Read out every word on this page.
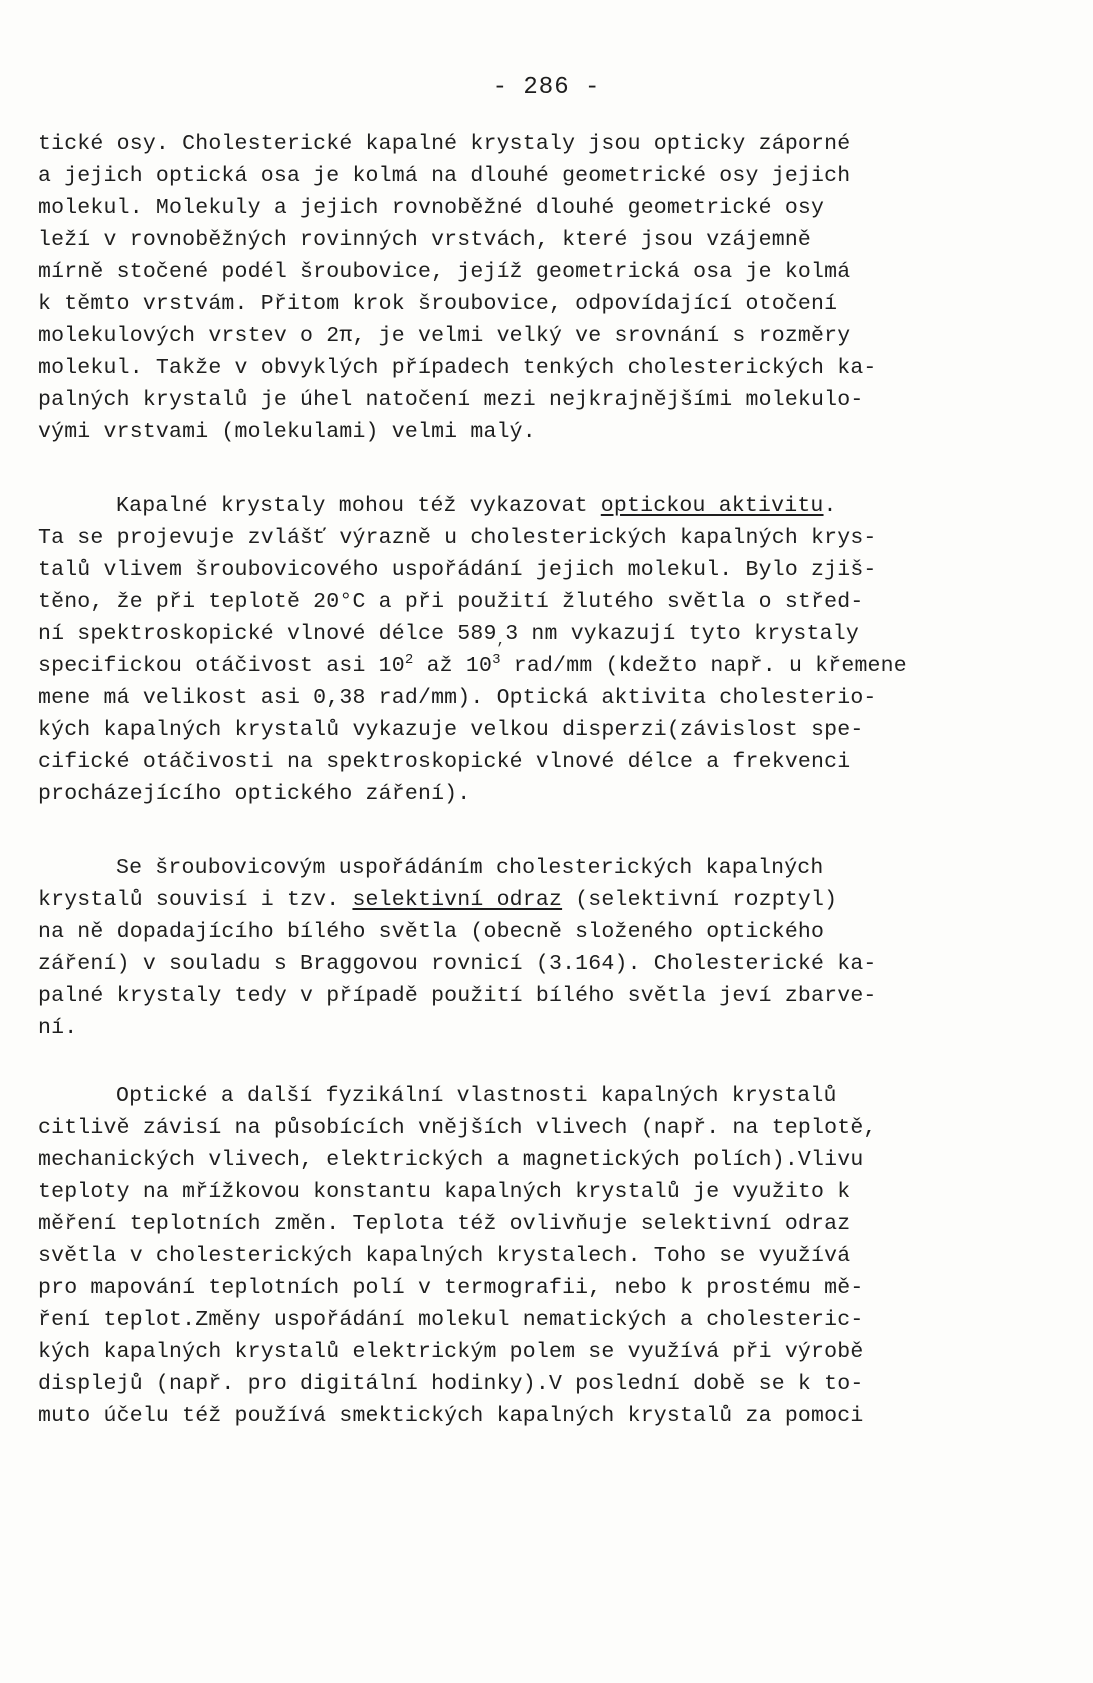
- 286 -
tické osy. Cholesterické kapalné krystaly jsou opticky záporné
a jejich optická osa je kolmá na dlouhé geometrické osy jejich
molekul. Molekuly a jejich rovnoběžné dlouhé geometrické osy
leží v rovnoběžných rovinných vrstvách, které jsou vzájemně
mírně stočené podél šroubovice, jejíž geometrická osa je kolmá
k těmto vrstvám. Přitom krok šroubovice, odpovídající otočení
molekulových vrstev o 2π, je velmi velký ve srovnání s rozměry
molekul. Takže v obvyklých případech tenkých cholesterických ka-
palných krystalů je úhel natočení mezi nejkrajnějšími molekulo-
vými vrstvami (molekulami) velmi malý.
Kapalné krystaly mohou též vykazovat optickou aktivitu.
Ta se projevuje zvlášť výrazně u cholesterických kapalných krys-
talů vlivem šroubovicového uspořádání jejich molekul. Bylo zjiš-
těno, že při teplotě 20°C a při použití žlutého světla o střed-
ní spektroskopické vlnové délce $589_,3$ nm vykazují tyto krystaly
specifickou otáčivost asi $10^2$ až $10^3$ rad/mm (kdežto např. u křemene
mene má velikost asi 0,38 rad/mm). Optická aktivita cholesterio-
kých kapalných krystalů vykazuje velkou disperzi(závislost spe-
cifické otáčivosti na spektroskopické vlnové délce a frekvenci
procházejícího optického záření).
Se šroubovicovým uspořádáním cholesterických kapalných
krystalů souvisí i tzv. selektivní odraz (selektivní rozptyl)
na ně dopadajícího bílého světla (obecně složeného optického
záření) v souladu s Braggovou rovnicí (3.164). Cholesterické ka-
palné krystaly tedy v případě použití bílého světla jeví zbarve-
ní.
Optické a další fyzikální vlastnosti kapalných krystalů
citlivě závisí na působících vnějších vlivech (např. na teplotě,
mechanických vlivech, elektrických a magnetických polích).Vlivu
teploty na mřížkovou konstantu kapalných krystalů je využito k
měření teplotních změn. Teplota též ovlivňuje selektivní odraz
světla v cholesterických kapalných krystalech. Toho se využívá
pro mapování teplotních polí v termografii, nebo k prostému mě-
ření teplot.Změny uspořádání molekul nematických a cholesteric-
kých kapalných krystalů elektrickým polem se využívá při výrobě
displejů (např. pro digitální hodinky).V poslední době se k to-
muto účelu též používá smektických kapalných krystalů za pomoci
